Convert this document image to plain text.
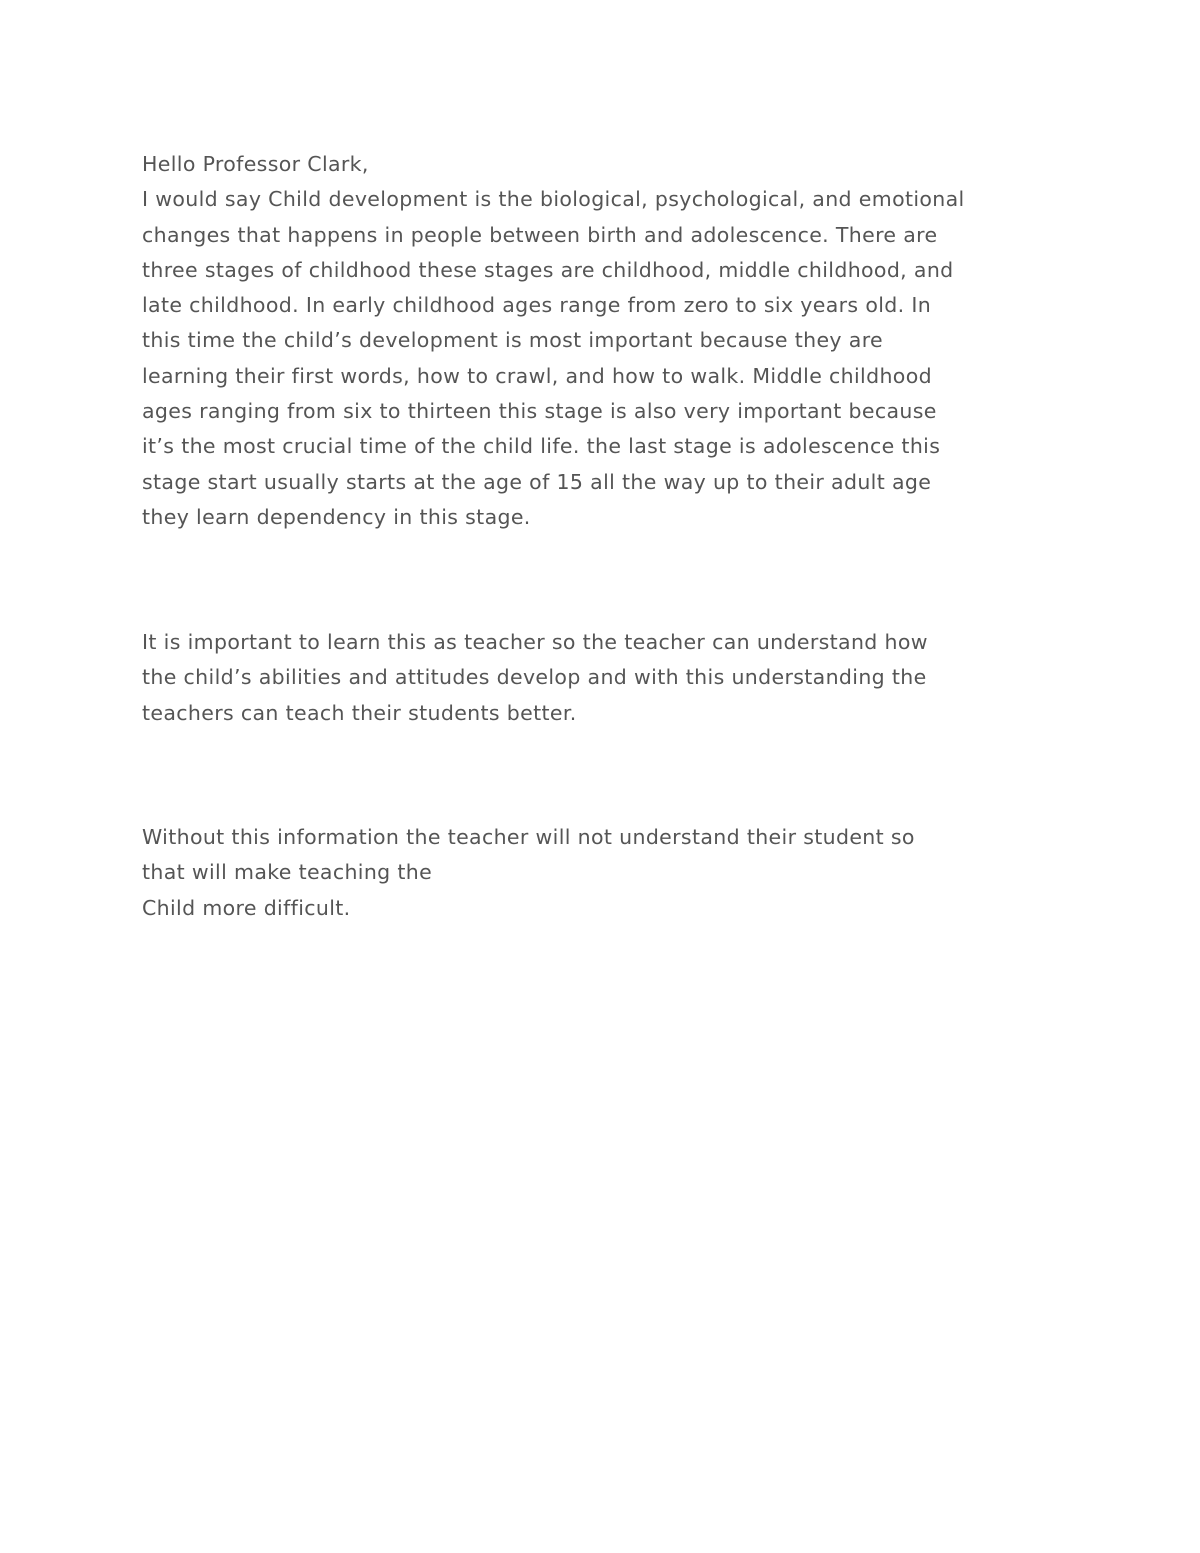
Hello Professor Clark,
I would say Child development is the biological, psychological, and emotional
changes that happens in people between birth and adolescence. There are
three stages of childhood these stages are childhood, middle childhood, and
late childhood. In early childhood ages range from zero to six years old. In
this time the child’s development is most important because they are
learning their first words, how to crawl, and how to walk. Middle childhood
ages ranging from six to thirteen this stage is also very important because
it’s the most crucial time of the child life. the last stage is adolescence this
stage start usually starts at the age of 15 all the way up to their adult age
they learn dependency in this stage.
It is important to learn this as teacher so the teacher can understand how
the child’s abilities and attitudes develop and with this understanding the
teachers can teach their students better.
Without this information the teacher will not understand their student so
that will make teaching the
Child more difficult.
